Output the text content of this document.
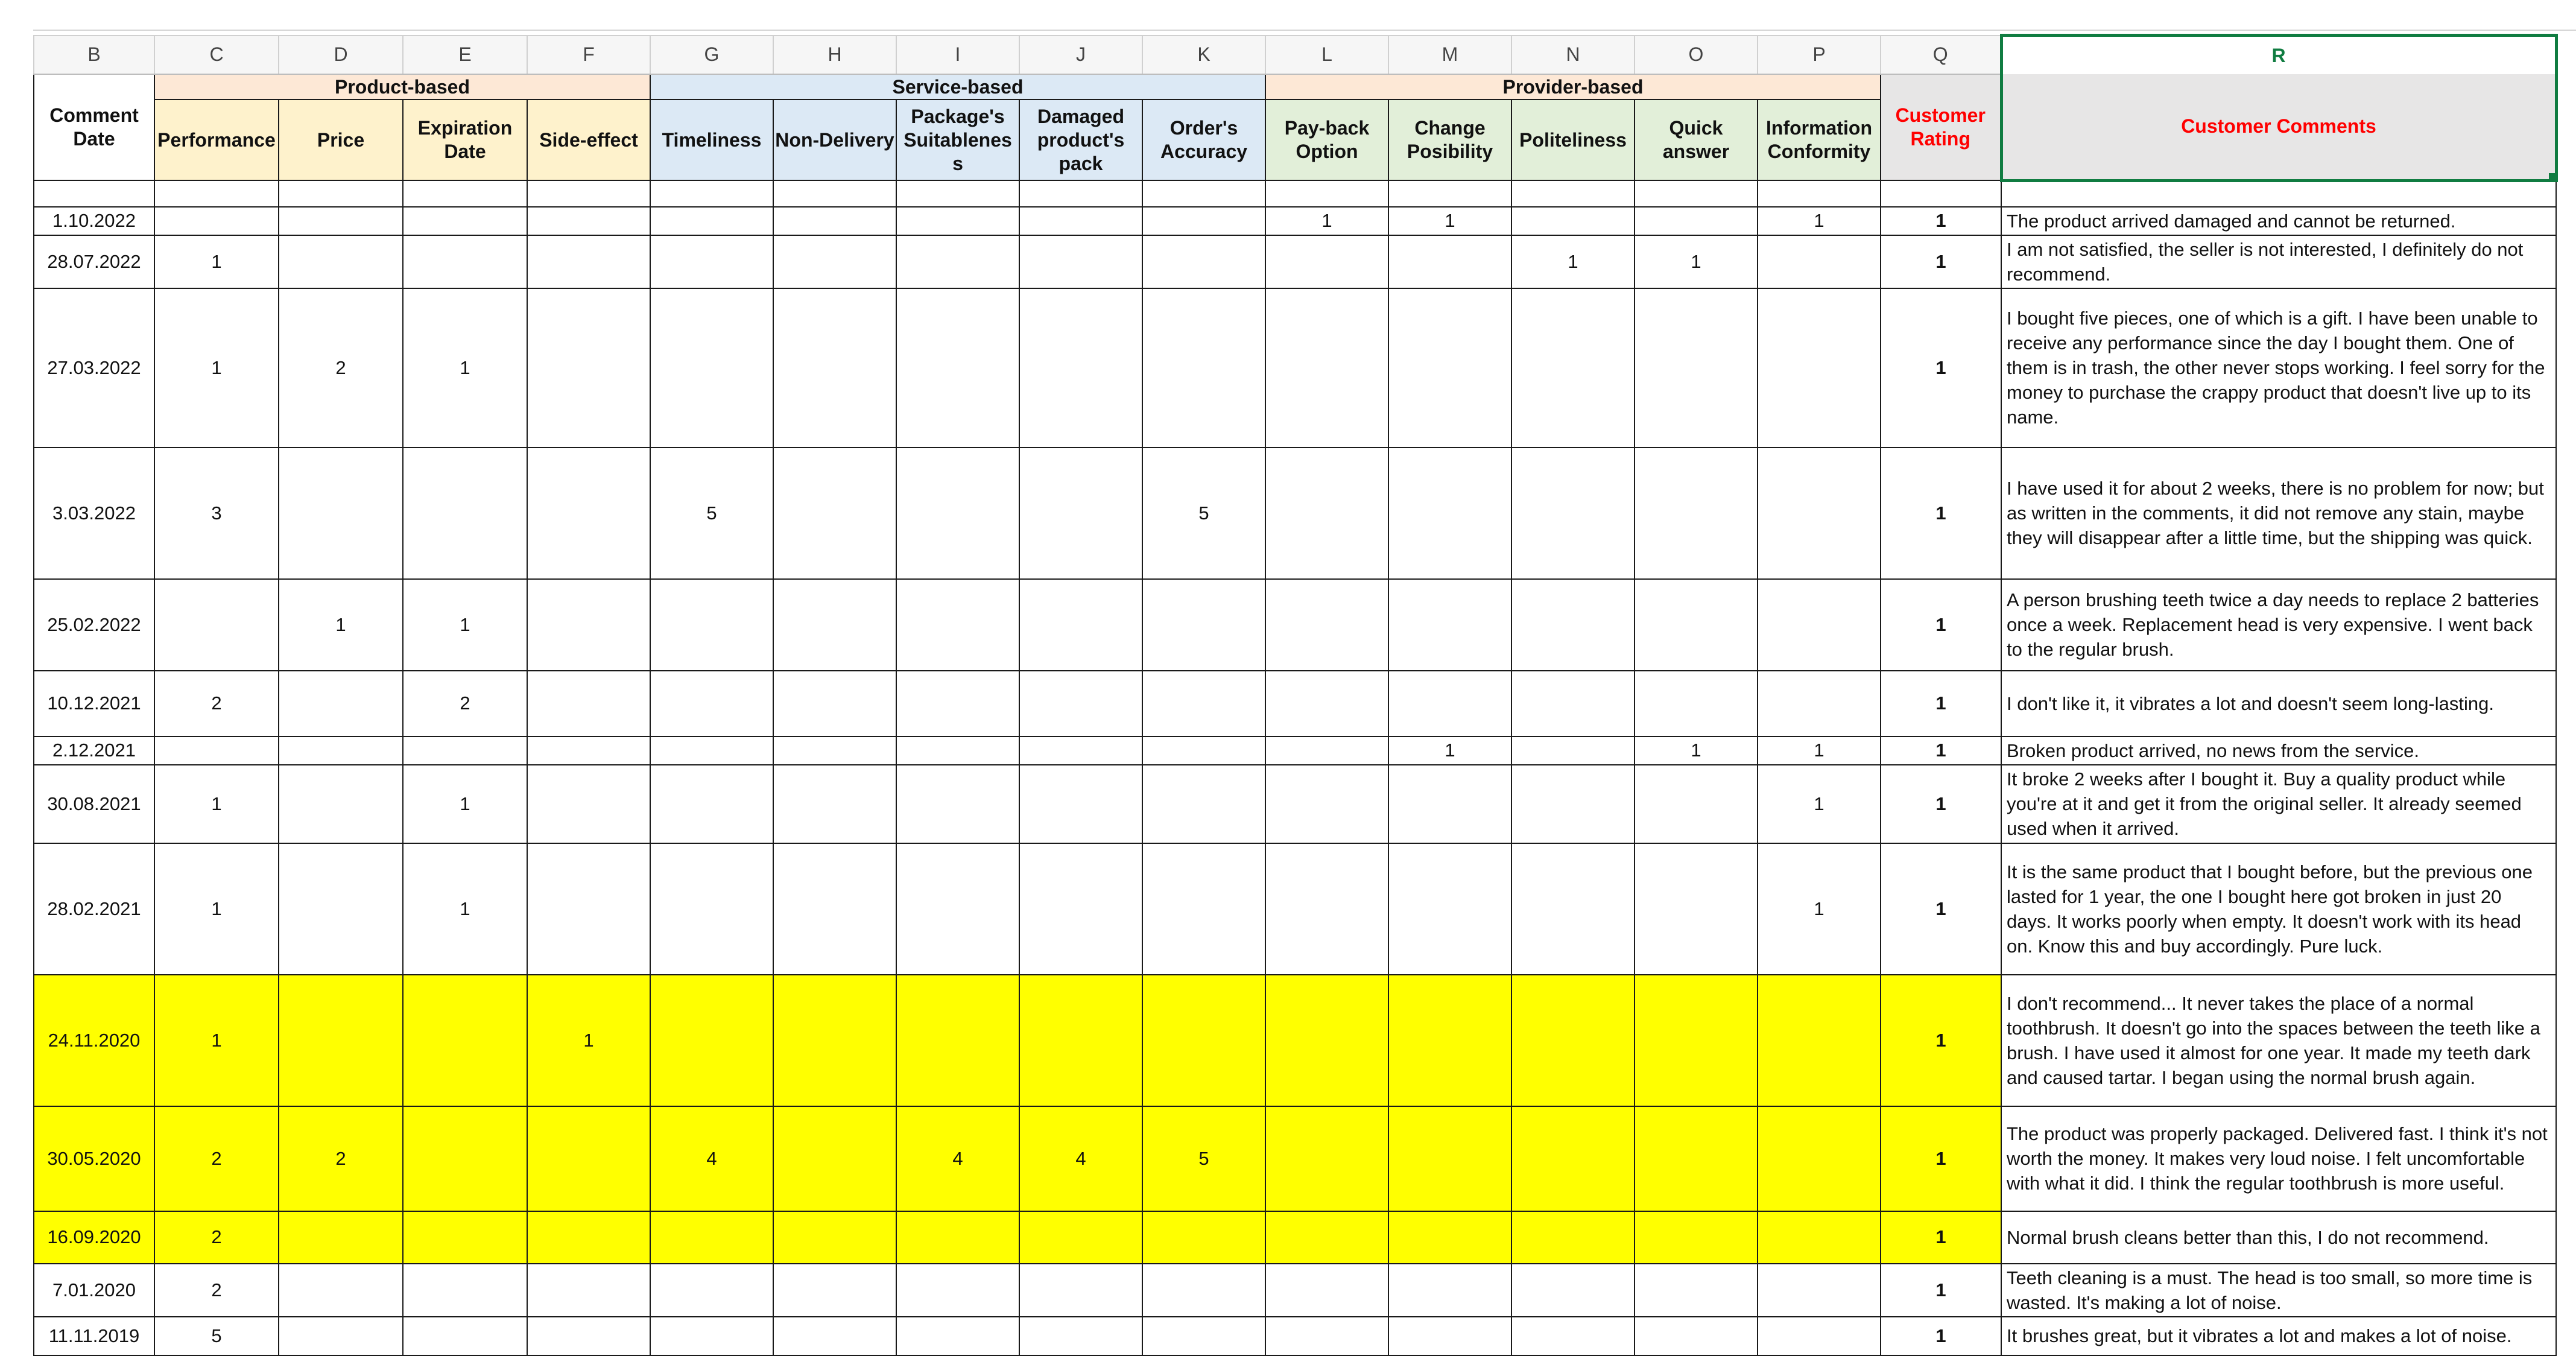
B	C	D	E	F	G	H	I	J	K	L	M	N	O	P	Q	R
Comment Date	Product-based				Service-based					Provider-based					Customer Rating	Customer Comments

	Performance	Price	Expiration Date	Side-effect	Timeliness	Non-Delivery	Package's Suitablenes s	Damaged product's pack	Order's Accuracy	Pay-back Option	Change Posibility	Politeliness	Quick answer	Information Conformity		

1.10.2022										1	1			1	1	The product arrived damaged and cannot be returned.
28.07.2022	1											1	1		1	I am not satisfied, the seller is not interested, I definitely do not recommend.
27.03.2022	1	2	1												1	I bought five pieces, one of which is a gift. I have been unable to receive any performance since the day I bought them. One of them is in trash, the other never stops working. I feel sorry for the money to purchase the crappy product that doesn't live up to its name.
3.03.2022	3				5				5						1	I have used it for about 2 weeks, there is no problem for now; but as written in the comments, it did not remove any stain, maybe they will disappear after a little time, but the shipping was quick.
25.02.2022		1	1												1	A person brushing teeth twice a day needs to replace 2 batteries once a week. Replacement head is very expensive. I went back to the regular brush.
10.12.2021	2		2												1	I don't like it, it vibrates a lot and doesn't seem long-lasting.
2.12.2021											1		1	1	1	Broken product arrived, no news from the service.
30.08.2021	1		1											1	1	It broke 2 weeks after I bought it. Buy a quality product while you're at it and get it from the original seller. It already seemed used when it arrived.
28.02.2021	1		1											1	1	It is the same product that I bought before, but the previous one lasted for 1 year, the one I bought here got broken in just 20 days. It works poorly when empty. It doesn't work with its head on. Know this and buy accordingly. Pure luck.
24.11.2020	1			1											1	I don't recommend... It never takes the place of a normal toothbrush. It doesn't go into the spaces between the teeth like a brush. I have used it almost for one year. It made my teeth dark and caused tartar. I began using the normal brush again.
30.05.2020	2	2			4		4	4	5						1	The product was properly packaged. Delivered fast. I think it's not worth the money. It makes very loud noise. I felt uncomfortable with what it did. I think the regular toothbrush is more useful.
16.09.2020	2														1	Normal brush cleans better than this, I do not recommend.
7.01.2020	2														1	Teeth cleaning is a must. The head is too small, so more time is wasted. It's making a lot of noise.
11.11.2019	5														1	It brushes great, but it vibrates a lot and makes a lot of noise.
